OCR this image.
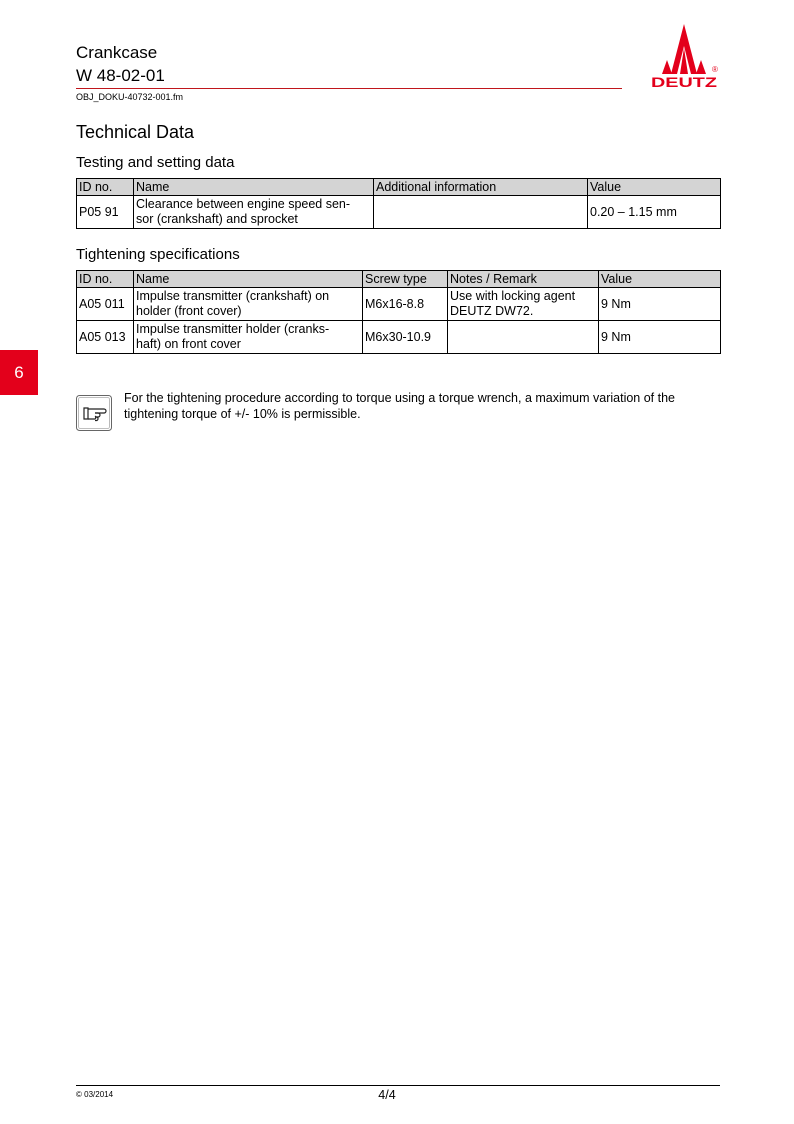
Crankcase
W 48-02-01
OBJ_DOKU-40732-001.fm
DEUTZ
®
Technical Data
Testing and setting data
ID no.	Name	Additional information	Value
P05 91	Clearance between engine speed sen-
sor (crankshaft) and sprocket		0.20 – 1.15 mm
Tightening specifications
ID no.	Name	Screw type	Notes / Remark	Value
A05 011	Impulse transmitter (crankshaft) on
holder (front cover)	M6x16-8.8	Use with locking agent
DEUTZ DW72.	9 Nm
A05 013	Impulse transmitter holder (cranks-
haft) on front cover	M6x30-10.9		9 Nm
6
For the tightening procedure according to torque using a torque wrench, a maximum variation of the tightening torque of +/- 10% is permissible.
© 03/2014	4/4
